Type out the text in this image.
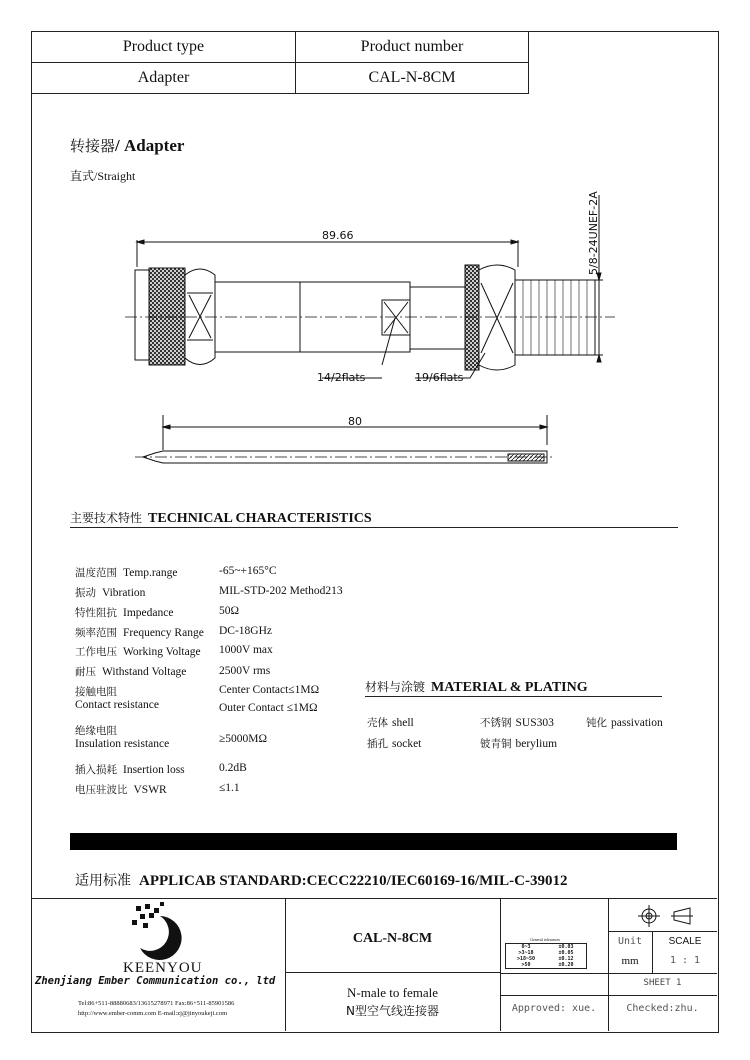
Product type	Product number
Adapter	CAL-N-8CM
转接器/ Adapter
直式/Straight
89.66	5/8-24UNEF-2A
14/2flats	19/6flats
80
主要技术特性 TECHNICAL CHARACTERISTICS
温度范围 Temp.range	-65~+165°C
振动 Vibration	MIL-STD-202 Method213
特性阻抗 Impedance	50Ω
频率范围 Frequency Range DC-18GHz
工作电压 Working Voltage 1000V max
耐压 Withstand Voltage	2500V rms
接触电阻
Contact resistance
Center Contact≤1MΩ
Outer Contact ≤1MΩ
绝缘电阻
Insulation resistance	≥5000MΩ
插入损耗 Insertion loss	0.2dB
电压驻波比 VSWR	≤1.1
材料与涂镀 MATERIAL & PLATING
壳体 shell	不锈钢 SUS303	钝化 passivation
插孔 socket	铍青铜 berylium
适用标准 APPLICAB STANDARD:CECC22210/IEC60169-16/MIL-C-39012
KEENYOU
Zhenjiang Ember Communication co., ltd
Tel:86+511-88880683/13615278971 Fax:86+511-85901586
http://www.ember-comm.com E-mail:zj@jinyoukeji.com
CAL-N-8CM
N-male to female
N型空气线连接器
General tolerances
0~3	±0.03
>3~18	±0.05
>18~50	±0.12
>50	±0.20
Unit
mm
SCALE
1 : 1
SHEET 1
Approved: xue.	Checked:zhu.
